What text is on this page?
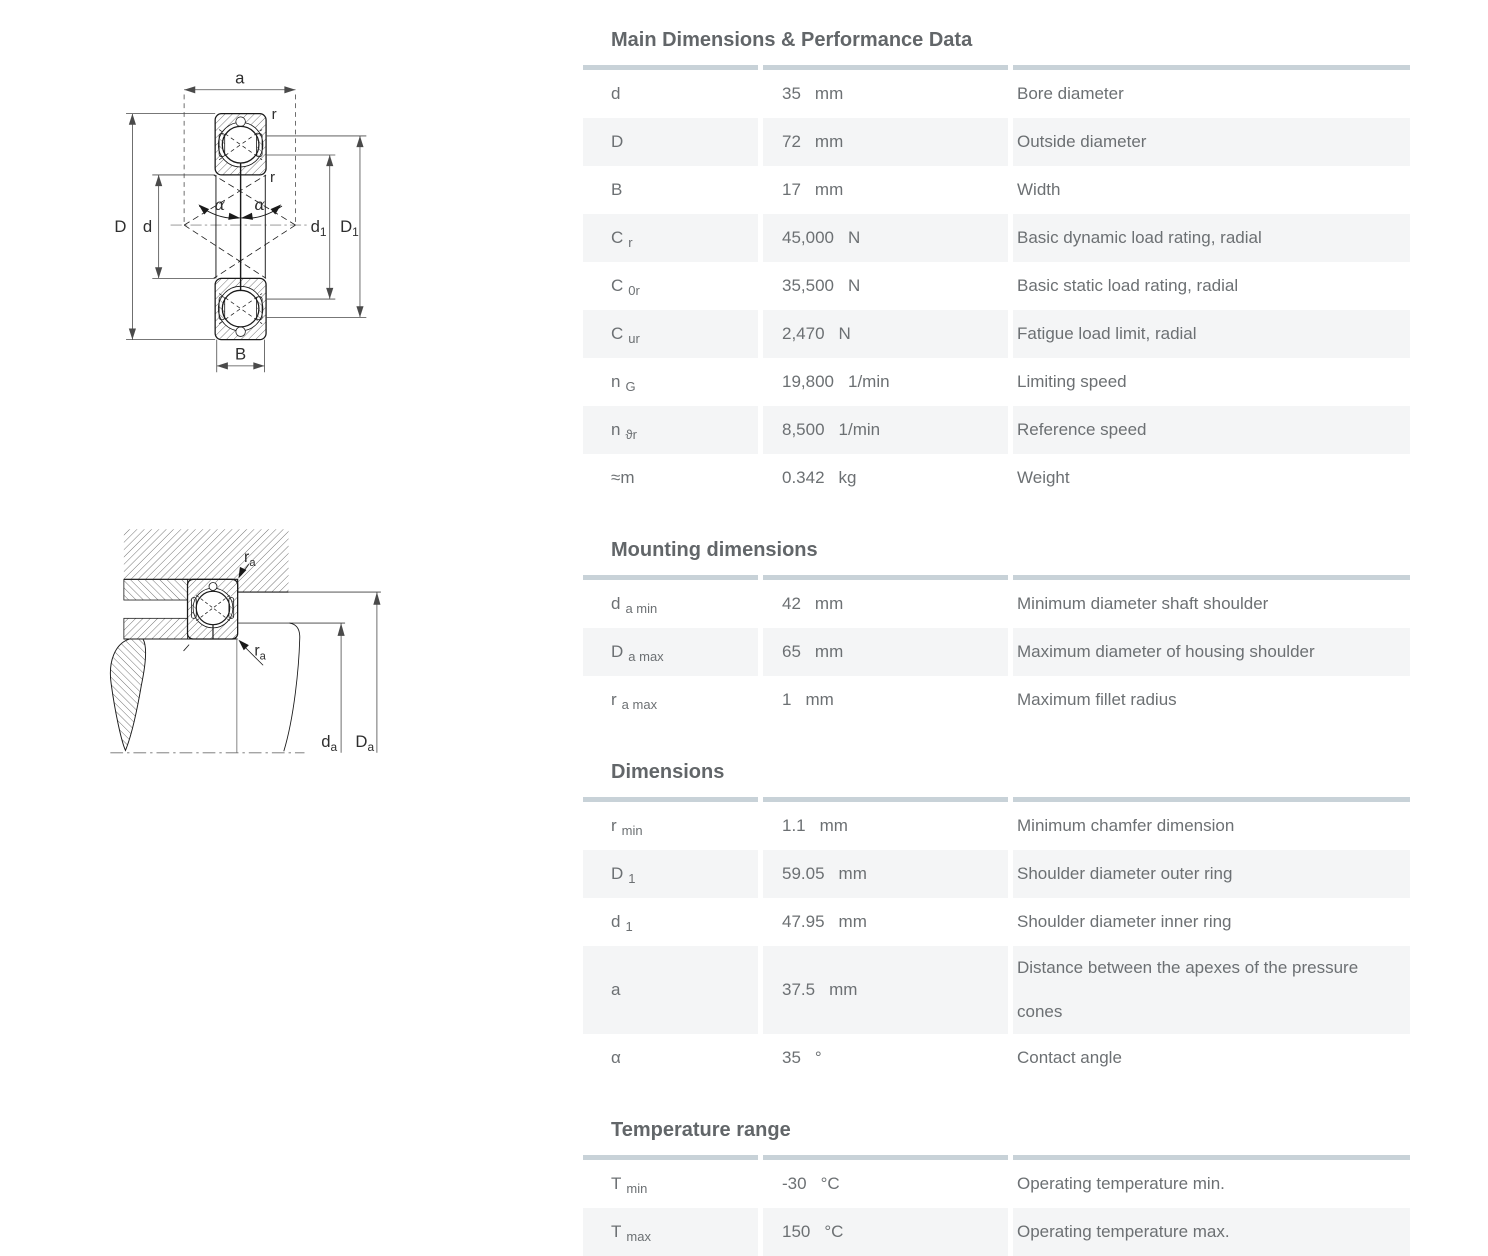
a
α α
D d	$d_1$ $D_1$
B
r
r
$r_a$
$r_a$
$d_a$ $D_a$
Main Dimensions & Performance Data

d	35 mm	Bore diameter
D	72 mm	Outside diameter
B	17 mm	Width
C r	45,000 N	Basic dynamic load rating, radial
C 0r	35,500 N	Basic static load rating, radial
C ur	2,470 N	Fatigue load limit, radial
n G	19,800 1/min	Limiting speed
n ϑr	8,500 1/min	Reference speed
≈m	0.342 kg	Weight
Mounting dimensions

d a min	42 mm	Minimum diameter shaft shoulder
D a max	65 mm	Maximum diameter of housing shoulder
r a max	1 mm	Maximum fillet radius
Dimensions

r min	1.1 mm	Minimum chamfer dimension
D 1	59.05 mm	Shoulder diameter outer ring
d 1	47.95 mm	Shoulder diameter inner ring
a	37.5 mm	Distance between the apexes of the pressure cones
α	35 °	Contact angle
Temperature range

T min	-30 °C	Operating temperature min.
T max	150 °C	Operating temperature max.
